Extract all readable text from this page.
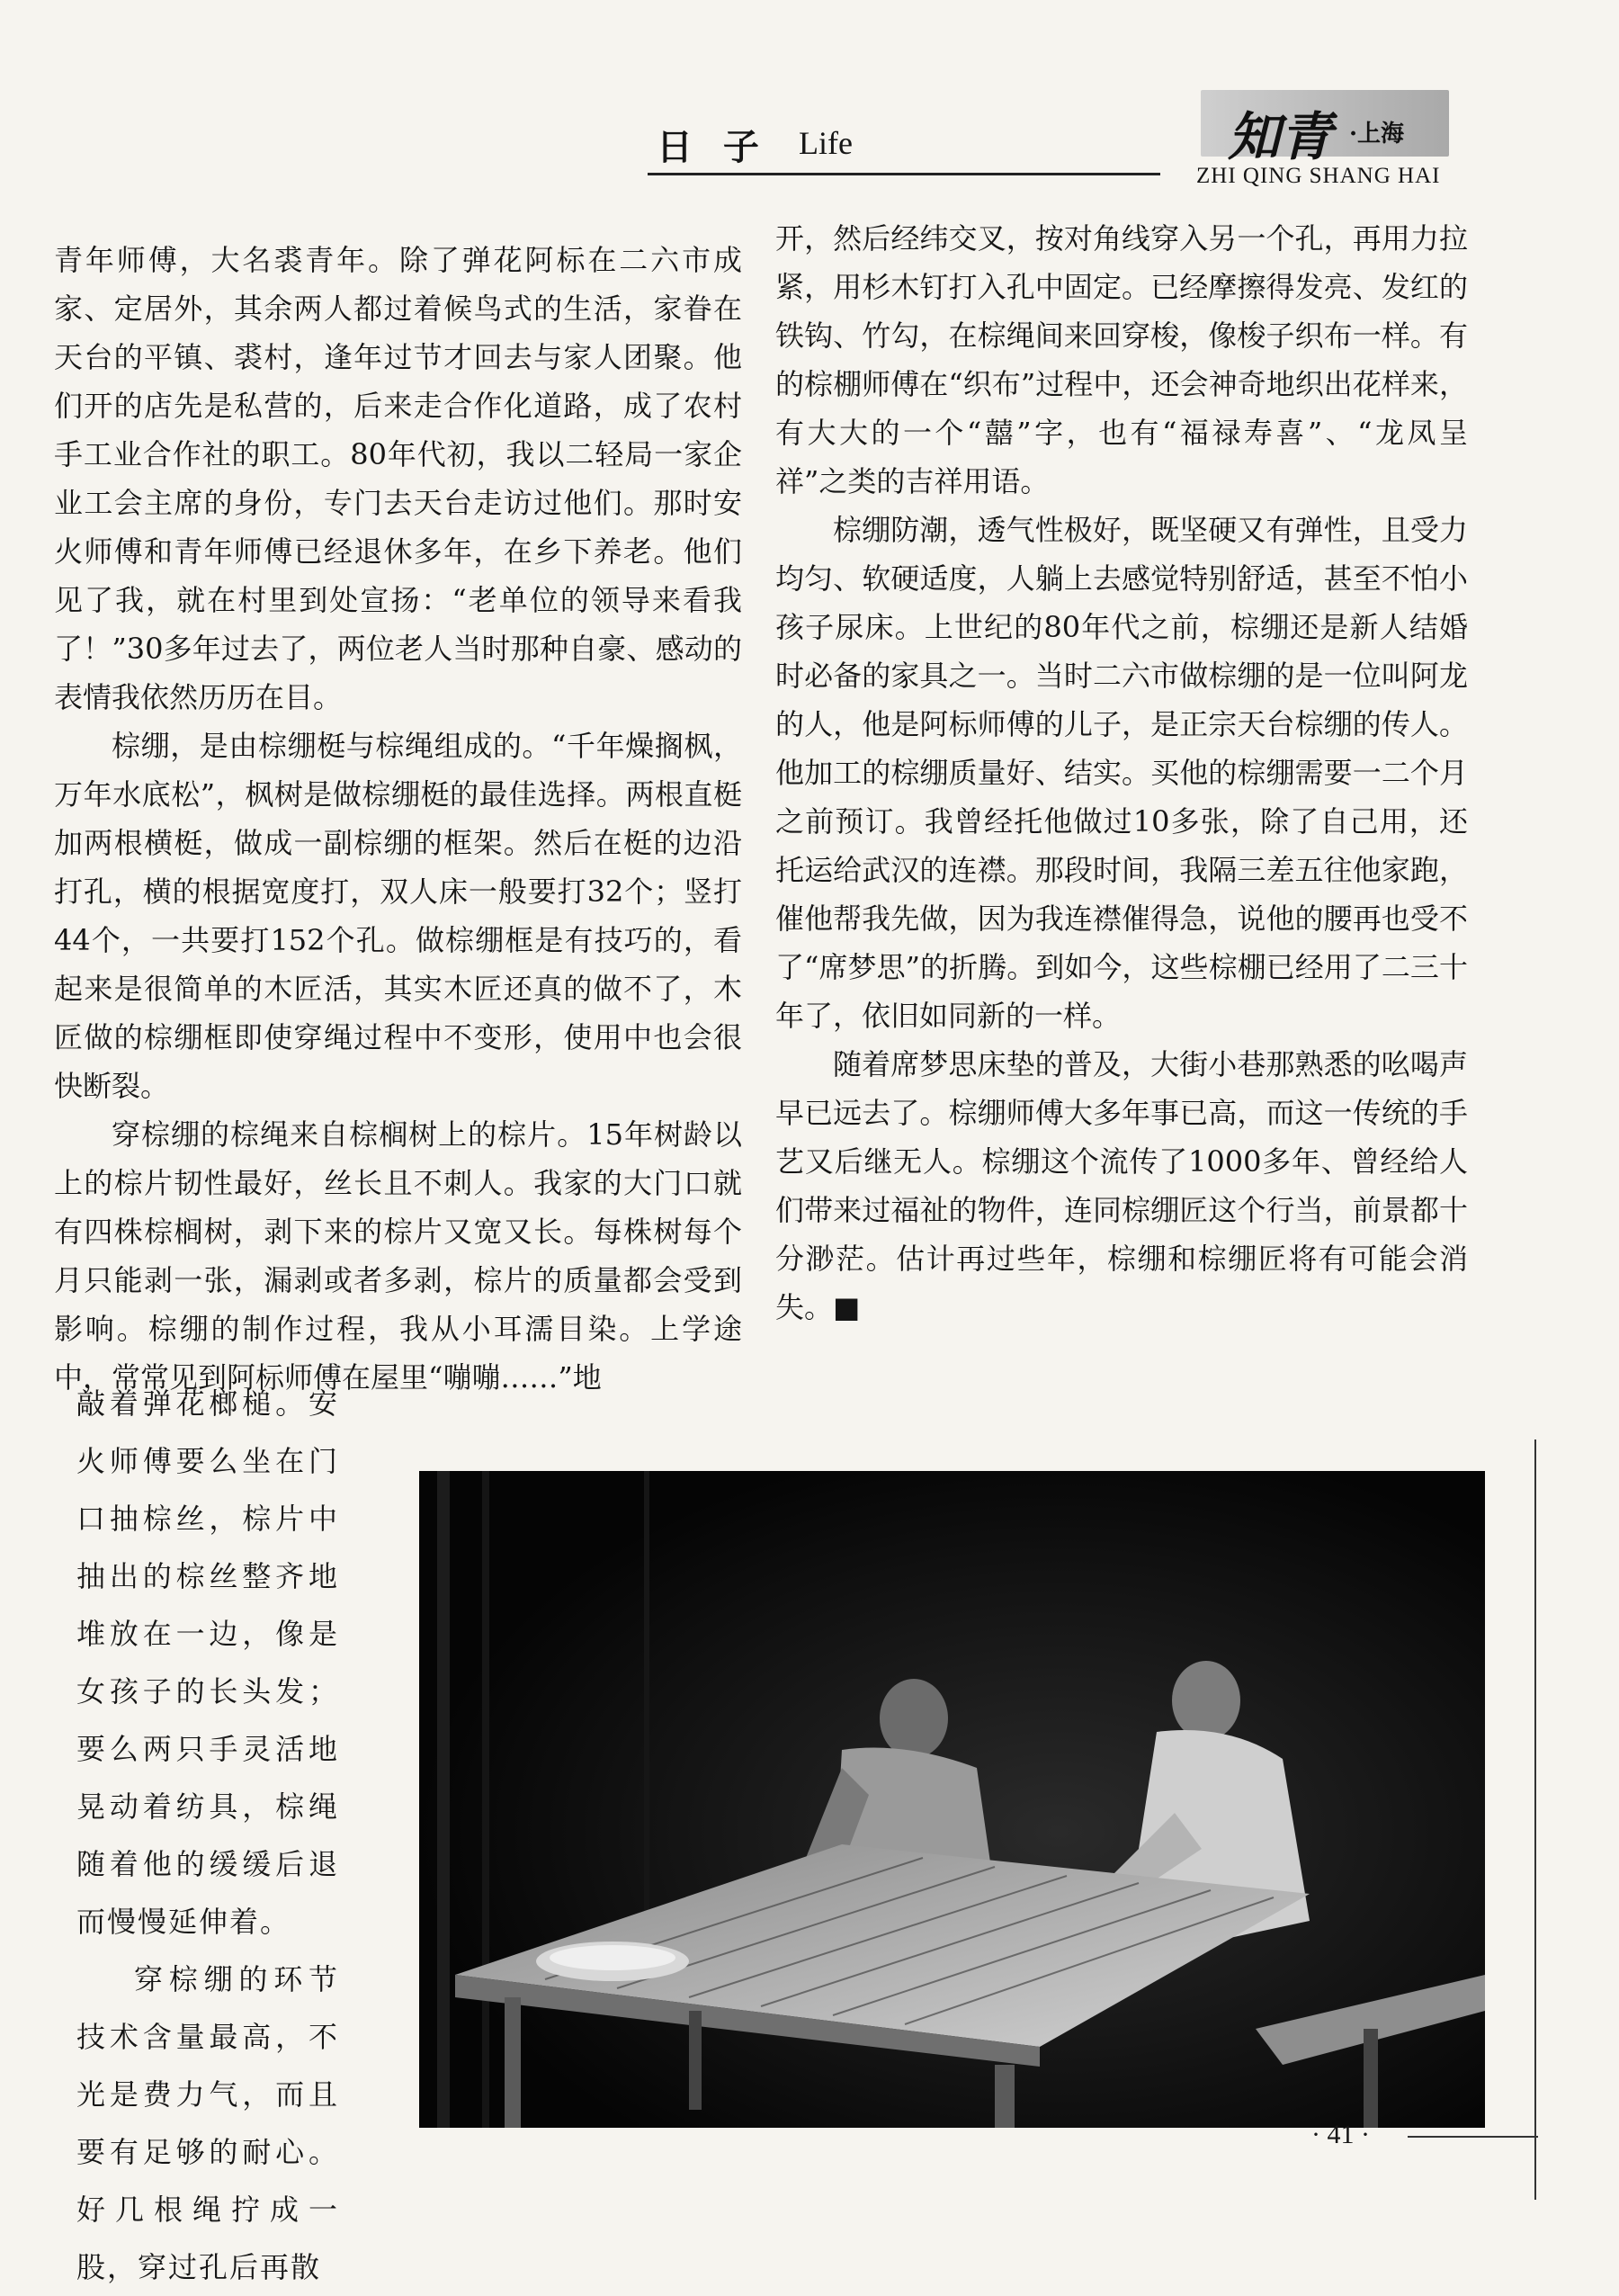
日 子 Life	知青 ·上海
ZHI QING SHANG HAI

青年师傅，大名裘青年。除了弹花阿标在二六市成家、定居外，其余两人都过着候鸟式的生活，家眷在天台的平镇、裘村，逢年过节才回去与家人团聚。他们开的店先是私营的，后来走合作化道路，成了农村手工业合作社的职工。80年代初，我以二轻局一家企业工会主席的身份，专门去天台走访过他们。那时安火师傅和青年师傅已经退休多年，在乡下养老。他们见了我，就在村里到处宣扬：“老单位的领导来看我了！”30多年过去了，两位老人当时那种自豪、感动的表情我依然历历在目。

棕绷，是由棕绷梃与棕绳组成的。“千年燥搁枫，万年水底松”，枫树是做棕绷梃的最佳选择。两根直梃加两根横梃，做成一副棕绷的框架。然后在梃的边沿打孔，横的根据宽度打，双人床一般要打32个；竖打44个，一共要打152个孔。做棕绷框是有技巧的，看起来是很简单的木匠活，其实木匠还真的做不了，木匠做的棕绷框即使穿绳过程中不变形，使用中也会很快断裂。

穿棕绷的棕绳来自棕榈树上的棕片。15年树龄以上的棕片韧性最好，丝长且不刺人。我家的大门口就有四株棕榈树，剥下来的棕片又宽又长。每株树每个月只能剥一张，漏剥或者多剥，棕片的质量都会受到影响。棕绷的制作过程，我从小耳濡目染。上学途中，常常见到阿标师傅在屋里“嘣嘣……”地

敲着弹花榔槌。安火师傅要么坐在门口抽棕丝，棕片中抽出的棕丝整齐地堆放在一边，像是女孩子的长头发；要么两只手灵活地晃动着纺具，棕绳随着他的缓缓后退而慢慢延伸着。

穿棕绷的环节技术含量最高，不光是费力气，而且要有足够的耐心。好几根绳拧成一股，穿过孔后再散

开，然后经纬交叉，按对角线穿入另一个孔，再用力拉紧，用杉木钉打入孔中固定。已经摩擦得发亮、发红的铁钩、竹勾，在棕绳间来回穿梭，像梭子织布一样。有的棕棚师傅在“织布”过程中，还会神奇地织出花样来，有大大的一个“囍”字，也有“福禄寿喜”、“龙凤呈祥”之类的吉祥用语。

棕绷防潮，透气性极好，既坚硬又有弹性，且受力均匀、软硬适度，人躺上去感觉特别舒适，甚至不怕小孩子尿床。上世纪的80年代之前，棕绷还是新人结婚时必备的家具之一。当时二六市做棕绷的是一位叫阿龙的人，他是阿标师傅的儿子，是正宗天台棕绷的传人。他加工的棕绷质量好、结实。买他的棕绷需要一二个月之前预订。我曾经托他做过10多张，除了自己用，还托运给武汉的连襟。那段时间，我隔三差五往他家跑，催他帮我先做，因为我连襟催得急，说他的腰再也受不了“席梦思”的折腾。到如今，这些棕棚已经用了二三十年了，依旧如同新的一样。

随着席梦思床垫的普及，大街小巷那熟悉的吆喝声早已远去了。棕绷师傅大多年事已高，而这一传统的手艺又后继无人。棕绷这个流传了1000多年、曾经给人们带来过福祉的物件，连同棕绷匠这个行当，前景都十分渺茫。估计再过些年，棕绷和棕绷匠将有可能会消失。■

· 41 ·
